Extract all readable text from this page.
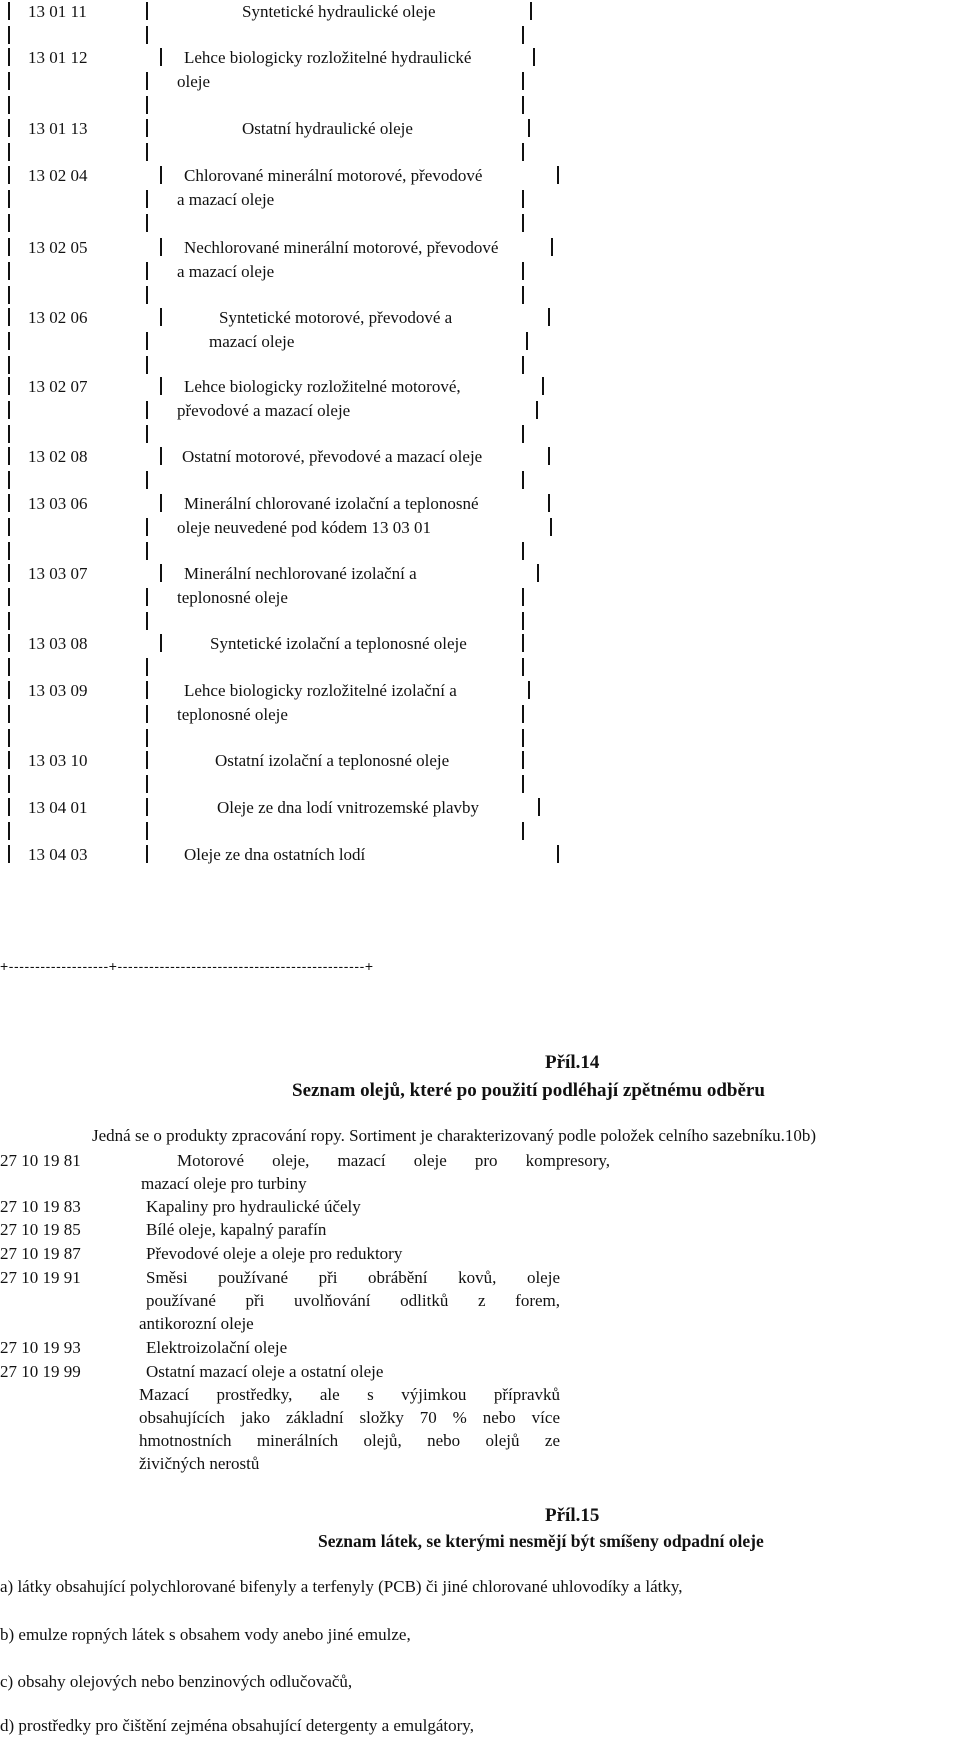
13 01 11	Syntetické hydraulické oleje
13 01 12	Lehce biologicky rozložitelné hydraulické
oleje
13 01 13	Ostatní hydraulické oleje
13 02 04	Chlorované minerální motorové, převodové
a mazací oleje
13 02 05	Nechlorované minerální motorové, převodové
a mazací oleje
13 02 06	Syntetické motorové, převodové a
mazací oleje
13 02 07	Lehce biologicky rozložitelné motorové,
převodové a mazací oleje
13 02 08	Ostatní motorové, převodové a mazací oleje
13 03 06	Minerální chlorované izolační a teplonosné
oleje neuvedené pod kódem 13 03 01
13 03 07	Minerální nechlorované izolační a
teplonosné oleje
13 03 08	Syntetické izolační a teplonosné oleje
13 03 09	Lehce biologicky rozložitelné izolační a
teplonosné oleje
13 03 10	Ostatní izolační a teplonosné oleje
13 04 01	Oleje ze dna lodí vnitrozemské plavby
13 04 03	Oleje ze dna ostatních lodí
+-------------------+-----------------------------------------------+
Příl.14
Seznam olejů, které po použití podléhají zpětnému odběru
Jedná se o produkty zpracování ropy. Sortiment je charakterizovaný podle položek celního sazebníku.10b)
27 10 19 81	Motorové oleje, mazací oleje pro kompresory,
mazací oleje pro turbiny
27 10 19 83	Kapaliny pro hydraulické účely
27 10 19 85	Bílé oleje, kapalný parafín
27 10 19 87	Převodové oleje a oleje pro reduktory
27 10 19 91	Směsi používané při obrábění kovů, oleje
používané při uvolňování odlitků z forem,
antikorozní oleje
27 10 19 93	Elektroizolační oleje
27 10 19 99	Ostatní mazací oleje a ostatní oleje
Mazací prostředky, ale s výjimkou přípravků
obsahujících jako základní složky 70 % nebo více
hmotnostních minerálních olejů, nebo olejů ze
živičných nerostů
Příl.15
Seznam látek, se kterými nesmějí být smíšeny odpadní oleje
a) látky obsahující polychlorované bifenyly a terfenyly (PCB) či jiné chlorované uhlovodíky a látky,
b) emulze ropných látek s obsahem vody anebo jiné emulze,
c) obsahy olejových nebo benzinových odlučovačů,
d) prostředky pro čištění zejména obsahující detergenty a emulgátory,
